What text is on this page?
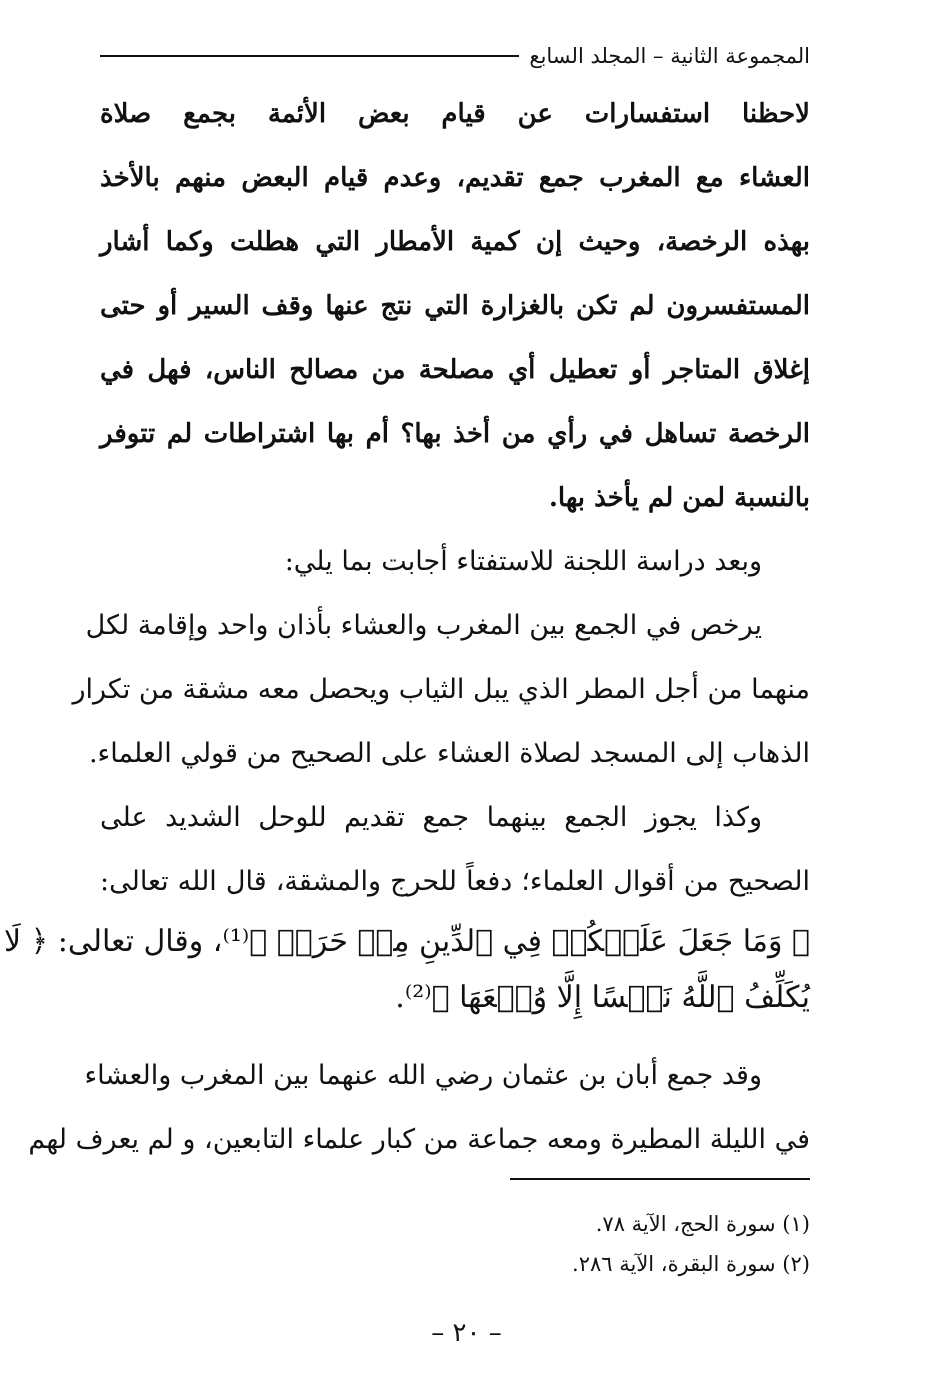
المجموعة الثانية – المجلد السابع
لاحظنا استفسارات عن قيام بعض الأئمة بجمع صلاة
العشاء مع المغرب جمع تقديم، وعدم قيام البعض منهم بالأخذ
بهذه الرخصة، وحيث إن كمية الأمطار التي هطلت وكما أشار
المستفسرون لم تكن بالغزارة التي نتج عنها وقف السير أو حتى
إغلاق المتاجر أو تعطيل أي مصلحة من مصالح الناس، فهل في
الرخصة تساهل في رأي من أخذ بها؟ أم بها اشتراطات لم تتوفر
بالنسبة لمن لم يأخذ بها.
وبعد دراسة اللجنة للاستفتاء أجابت بما يلي:
يرخص في الجمع بين المغرب والعشاء بأذان واحد وإقامة لكل
منهما من أجل المطر الذي يبل الثياب ويحصل معه مشقة من تكرار
الذهاب إلى المسجد لصلاة العشاء على الصحيح من قولي العلماء.
وكذا يجوز الجمع بينهما جمع تقديم للوحل الشديد على
الصحيح من أقوال العلماء؛ دفعاً للحرج والمشقة، قال الله تعالى:
﴿ وَمَا جَعَلَ عَلَيۡكُمۡ فِي ٱلدِّينِ مِنۡ حَرَجٖ ﴾⁽¹⁾، وقال تعالى: ﴿ لَا
يُكَلِّفُ ٱللَّهُ نَفۡسًا إِلَّا وُسۡعَهَا ﴾⁽²⁾.
وقد جمع أبان بن عثمان رضي الله عنهما بين المغرب والعشاء
في الليلة المطيرة ومعه جماعة من كبار علماء التابعين، و لم يعرف لهم
(١) سورة الحج، الآية ٧٨.
(٢) سورة البقرة، الآية ٢٨٦.
– ٢٠ –
